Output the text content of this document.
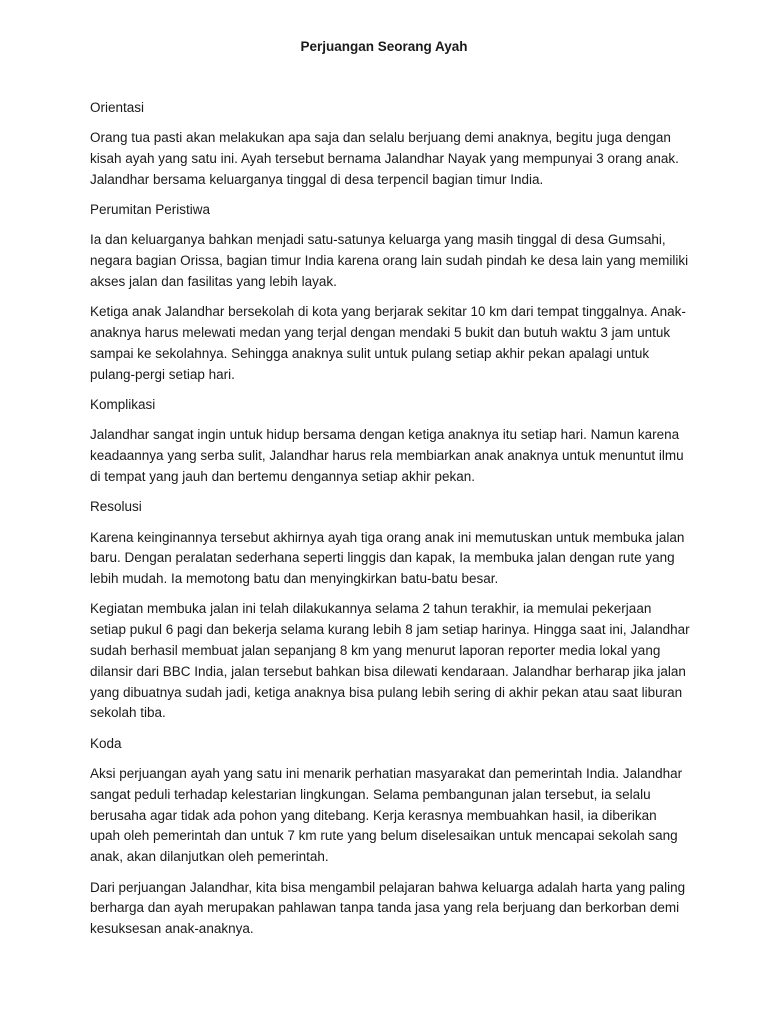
Perjuangan Seorang Ayah

Orientasi

Orang tua pasti akan melakukan apa saja dan selalu berjuang demi anaknya, begitu juga dengan kisah ayah yang satu ini. Ayah tersebut bernama Jalandhar Nayak yang mempunyai 3 orang anak. Jalandhar bersama keluarganya tinggal di desa terpencil bagian timur India.

Perumitan Peristiwa

Ia dan keluarganya bahkan menjadi satu-satunya keluarga yang masih tinggal di desa Gumsahi, negara bagian Orissa, bagian timur India karena orang lain sudah pindah ke desa lain yang memiliki akses jalan dan fasilitas yang lebih layak.

Ketiga anak Jalandhar bersekolah di kota yang berjarak sekitar 10 km dari tempat tinggalnya. Anak-anaknya harus melewati medan yang terjal dengan mendaki 5 bukit dan butuh waktu 3 jam untuk sampai ke sekolahnya. Sehingga anaknya sulit untuk pulang setiap akhir pekan apalagi untuk pulang-pergi setiap hari.

Komplikasi

Jalandhar sangat ingin untuk hidup bersama dengan ketiga anaknya itu setiap hari. Namun karena keadaannya yang serba sulit, Jalandhar harus rela membiarkan anak anaknya untuk menuntut ilmu di tempat yang jauh dan bertemu dengannya setiap akhir pekan.

Resolusi

Karena keinginannya tersebut akhirnya ayah tiga orang anak ini memutuskan untuk membuka jalan baru. Dengan peralatan sederhana seperti linggis dan kapak, Ia membuka jalan dengan rute yang lebih mudah. Ia memotong batu dan menyingkirkan batu-batu besar.

Kegiatan membuka jalan ini telah dilakukannya selama 2 tahun terakhir, ia memulai pekerjaan setiap pukul 6 pagi dan bekerja selama kurang lebih 8 jam setiap harinya. Hingga saat ini, Jalandhar sudah berhasil membuat jalan sepanjang 8 km yang menurut laporan reporter media lokal yang dilansir dari BBC India, jalan tersebut bahkan bisa dilewati kendaraan. Jalandhar berharap jika jalan yang dibuatnya sudah jadi, ketiga anaknya bisa pulang lebih sering di akhir pekan atau saat liburan sekolah tiba.

Koda

Aksi perjuangan ayah yang satu ini menarik perhatian masyarakat dan pemerintah India. Jalandhar sangat peduli terhadap kelestarian lingkungan. Selama pembangunan jalan tersebut, ia selalu berusaha agar tidak ada pohon yang ditebang. Kerja kerasnya membuahkan hasil, ia diberikan upah oleh pemerintah dan untuk 7 km rute yang belum diselesaikan untuk mencapai sekolah sang anak, akan dilanjutkan oleh pemerintah.

Dari perjuangan Jalandhar, kita bisa mengambil pelajaran bahwa keluarga adalah harta yang paling berharga dan ayah merupakan pahlawan tanpa tanda jasa yang rela berjuang dan berkorban demi kesuksesan anak-anaknya.
